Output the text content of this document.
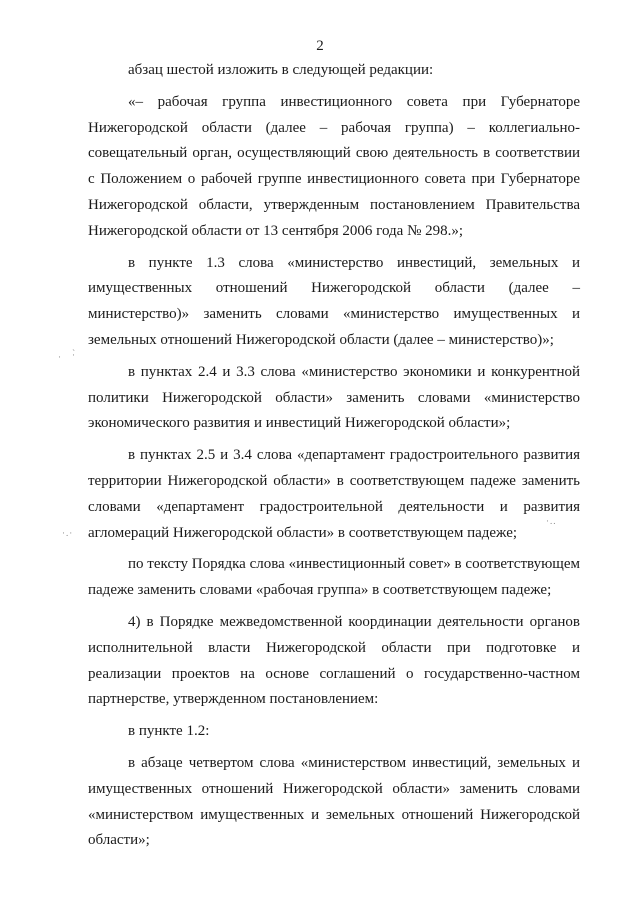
2
· ·̀
·.·
·..

абзац шестой изложить в следующей редакции:

«– рабочая группа инвестиционного совета при Губернаторе Нижегородской области (далее – рабочая группа) – коллегиально-совещательный орган, осуществляющий свою деятельность в соответствии с Положением о рабочей группе инвестиционного совета при Губернаторе Нижегородской области, утвержденным постановлением Правительства Нижегородской области от 13 сентября 2006 года № 298.»;

в пункте 1.3 слова «министерство инвестиций, земельных и имущественных отношений Нижегородской области (далее – министерство)» заменить словами «министерство имущественных и земельных отношений Нижегородской области (далее – министерство)»;

в пунктах 2.4 и 3.3 слова «министерство экономики и конкурентной политики Нижегородской области» заменить словами «министерство экономического развития и инвестиций Нижегородской области»;

в пунктах 2.5 и 3.4 слова «департамент градостроительного развития территории Нижегородской области» в соответствующем падеже заменить словами «департамент градостроительной деятельности и развития агломераций Нижегородской области» в соответствующем падеже;

по тексту Порядка слова «инвестиционный совет» в соответствующем падеже заменить словами «рабочая группа» в соответствующем падеже;

4) в Порядке межведомственной координации деятельности органов исполнительной власти Нижегородской области при подготовке и реализации проектов на основе соглашений о государственно-частном партнерстве, утвержденном постановлением:

в пункте 1.2:

в абзаце четвертом слова «министерством инвестиций, земельных и имущественных отношений Нижегородской области» заменить словами «министерством имущественных и земельных отношений Нижегородской области»;
